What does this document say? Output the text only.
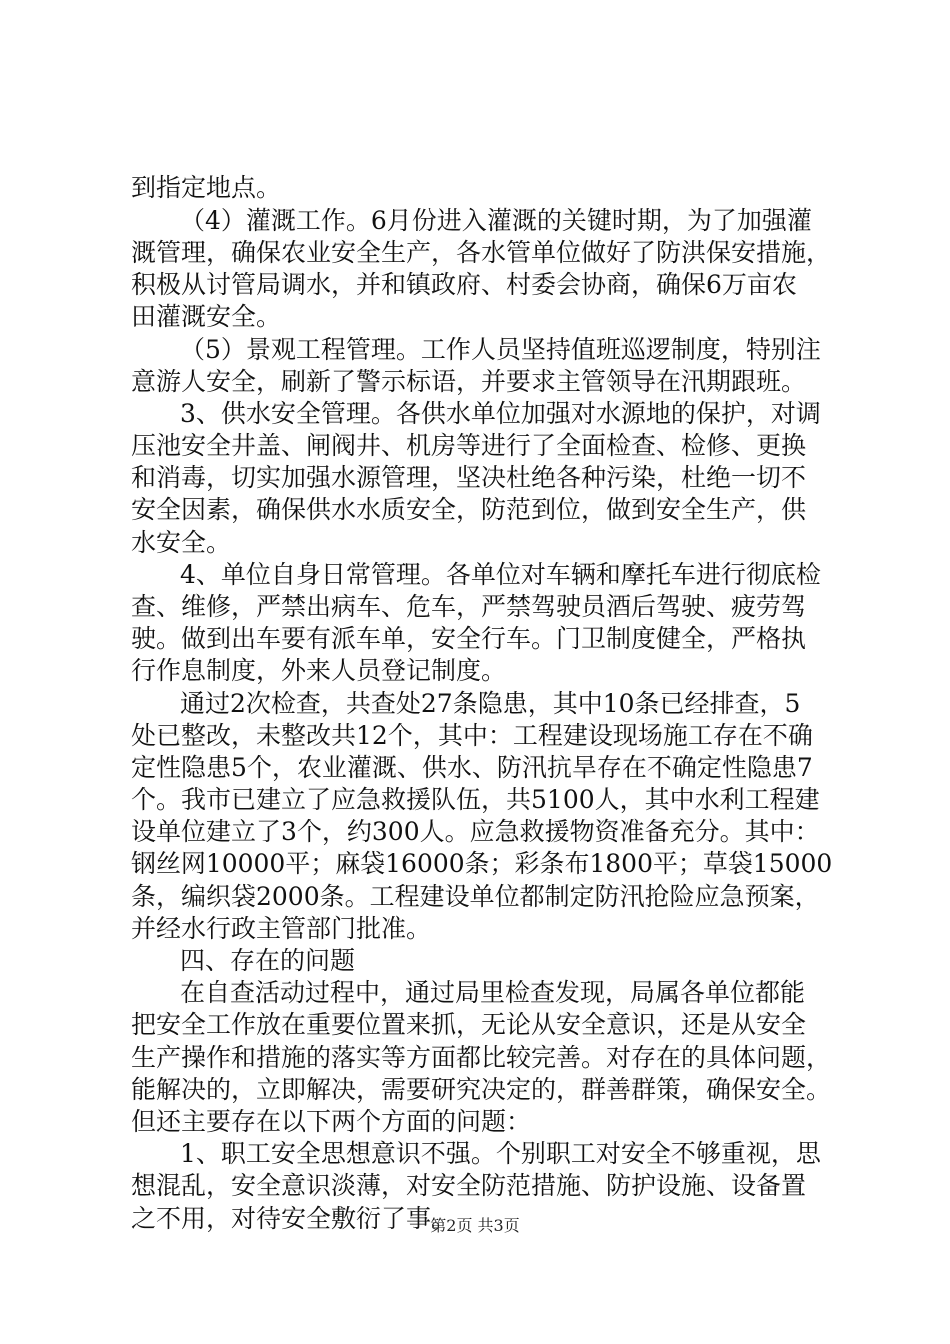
到指定地点。
（4）灌溉工作。6月份进入灌溉的关键时期，为了加强灌
溉管理，确保农业安全生产，各水管单位做好了防洪保安措施，
积极从讨管局调水，并和镇政府、村委会协商，确保6万亩农
田灌溉安全。
（5）景观工程管理。工作人员坚持值班巡逻制度，特别注
意游人安全，刷新了警示标语，并要求主管领导在汛期跟班。
3、供水安全管理。各供水单位加强对水源地的保护，对调
压池安全井盖、闸阀井、机房等进行了全面检查、检修、更换
和消毒，切实加强水源管理，坚决杜绝各种污染，杜绝一切不
安全因素，确保供水水质安全，防范到位，做到安全生产，供
水安全。
4、单位自身日常管理。各单位对车辆和摩托车进行彻底检
查、维修，严禁出病车、危车，严禁驾驶员酒后驾驶、疲劳驾
驶。做到出车要有派车单，安全行车。门卫制度健全，严格执
行作息制度，外来人员登记制度。
通过2次检查，共查处27条隐患，其中10条已经排查，5
处已整改，未整改共12个，其中：工程建设现场施工存在不确
定性隐患5个，农业灌溉、供水、防汛抗旱存在不确定性隐患7
个。我市已建立了应急救援队伍，共5100人，其中水利工程建
设单位建立了3个，约300人。应急救援物资准备充分。其中：
钢丝网10000平；麻袋16000条；彩条布1800平；草袋15000
条，编织袋2000条。工程建设单位都制定防汛抢险应急预案，
并经水行政主管部门批准。
四、存在的问题
在自查活动过程中，通过局里检查发现，局属各单位都能
把安全工作放在重要位置来抓，无论从安全意识，还是从安全
生产操作和措施的落实等方面都比较完善。对存在的具体问题，
能解决的，立即解决，需要研究决定的，群善群策，确保安全。
但还主要存在以下两个方面的问题：
1、职工安全思想意识不强。个别职工对安全不够重视，思
想混乱，安全意识淡薄，对安全防范措施、防护设施、设备置
之不用，对待安全敷衍了事。
第2页 共3页
